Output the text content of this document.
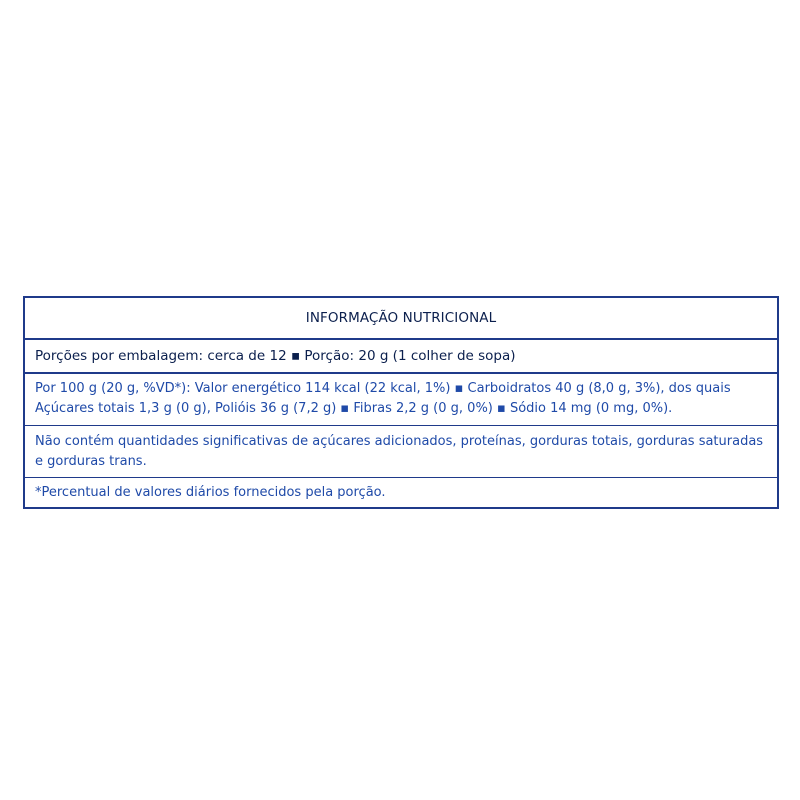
INFORMAÇÃO NUTRICIONAL
Porções por embalagem: cerca de 12 ▪ Porção: 20 g (1 colher de sopa)
Por 100 g (20 g, %VD*): Valor energético 114 kcal (22 kcal, 1%) ▪ Carboidratos 40 g (8,0 g, 3%), dos quais Açúcares totais 1,3 g (0 g), Polióis 36 g (7,2 g) ▪ Fibras 2,2 g (0 g, 0%) ▪ Sódio 14 mg (0 mg, 0%).
Não contém quantidades significativas de açúcares adicionados, proteínas, gorduras totais, gorduras saturadas e gorduras trans.
*Percentual de valores diários fornecidos pela porção.
